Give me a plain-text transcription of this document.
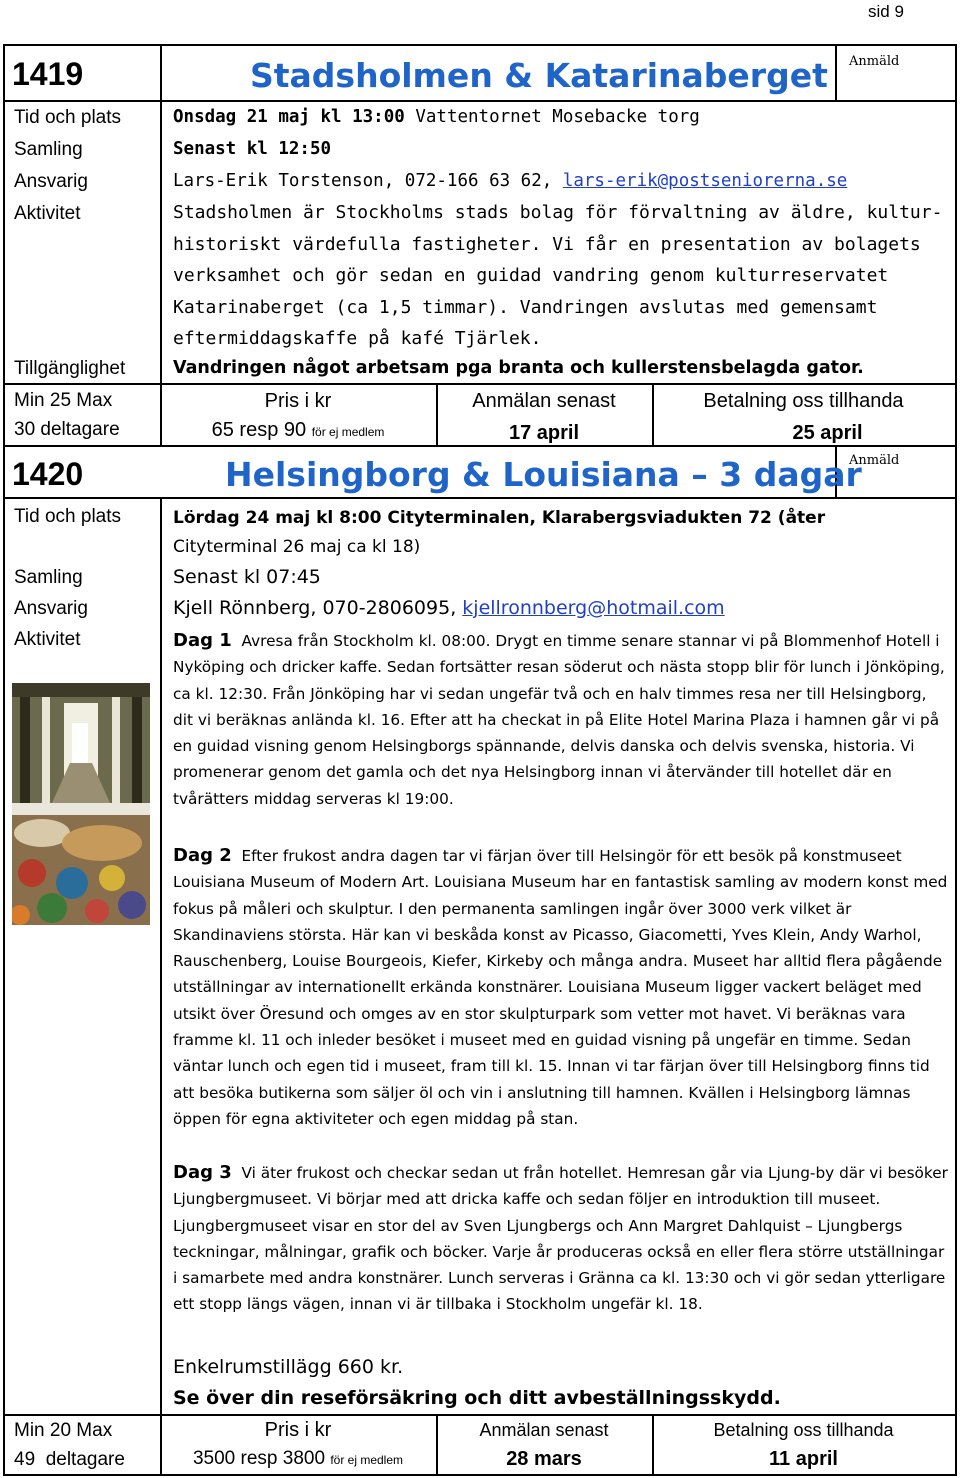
sid 9
1419	Stadsholmen & Katarinaberget Anmäld
Tid och plats
Samling
Ansvarig
Aktivitet
Tillgänglighet
Onsdag 21 maj kl 13:00 Vattentornet Mosebacke torg
Senast kl 12:50
Lars-Erik Torstenson, 072-166 63 62, lars-erik@postseniorerna.se
Stadsholmen är Stockholms stads bolag för förvaltning av äldre, kultur-
historiskt värdefulla fastigheter. Vi får en presentation av bolagets
verksamhet och gör sedan en guidad vandring genom kulturreservatet
Katarinaberget (ca 1,5 timmar). Vandringen avslutas med gemensamt
eftermiddagskaffe på kafé Tjärlek.
Vandringen något arbetsam pga branta och kullerstensbelagda gator.
Min 25 Max
30 deltagare
Pris i kr
65 resp 90 för ej medlem
Anmälan senast
17 april
Betalning oss tillhanda
25 april
1420	Helsingborg & Louisiana – 3 dagar
Anmäld
Tid och plats
Samling
Ansvarig
Aktivitet
Lördag 24 maj kl 8:00 Cityterminalen, Klarabergsviadukten 72 (åter
Cityterminal 26 maj ca kl 18)
Senast kl 07:45
Kjell Rönnberg, 070-2806095, kjellronnberg@hotmail.com
Dag 1 Avresa från Stockholm kl. 08:00. Drygt en timme senare stannar vi på Blommenhof Hotell i Nyköping och dricker kaffe. Sedan fortsätter resan söderut och nästa stopp blir för lunch i Jönköping, ca kl. 12:30. Från Jönköping har vi sedan ungefär två och en halv timmes resa ner till Helsingborg, dit vi beräknas anlända kl. 16. Efter att ha checkat in på Elite Hotel Marina Plaza i hamnen går vi på en guidad visning genom Helsingborgs spännande, delvis danska och delvis svenska, historia. Vi promenerar genom det gamla och det nya Helsingborg innan vi återvänder till hotellet där en tvårätters middag serveras kl 19:00.
Dag 2 Efter frukost andra dagen tar vi färjan över till Helsingör för ett besök på konstmuseet Louisiana Museum of Modern Art. Louisiana Museum har en fantastisk samling av modern konst med fokus på måleri och skulptur. I den permanenta samlingen ingår över 3000 verk vilket är Skandinaviens största. Här kan vi beskåda konst av Picasso, Giacometti, Yves Klein, Andy Warhol, Rauschenberg, Louise Bourgeois, Kiefer, Kirkeby och många andra. Museet har alltid flera pågående utställningar av internationellt erkända konstnärer. Louisiana Museum ligger vackert beläget med utsikt över Öresund och omges av en stor skulpturpark som vetter mot havet. Vi beräknas vara framme kl. 11 och inleder besöket i museet med en guidad visning på ungefär en timme. Sedan väntar lunch och egen tid i museet, fram till kl. 15. Innan vi tar färjan över till Helsingborg finns tid att besöka butikerna som säljer öl och vin i anslutning till hamnen. Kvällen i Helsingborg lämnas öppen för egna aktiviteter och egen middag på stan.
Dag 3 Vi äter frukost och checkar sedan ut från hotellet. Hemresan går via Ljung-by där vi besöker Ljungbergmuseet. Vi börjar med att dricka kaffe och sedan följer en introduktion till museet. Ljungbergmuseet visar en stor del av Sven Ljungbergs och Ann Margret Dahlquist – Ljungbergs teckningar, målningar, grafik och böcker. Varje år produceras också en eller flera större utställningar i samarbete med andra konstnärer. Lunch serveras i Gränna ca kl. 13:30 och vi gör sedan ytterligare ett stopp längs vägen, innan vi är tillbaka i Stockholm ungefär kl. 18.
Enkelrumstillägg 660 kr.
Se över din reseförsäkring och ditt avbeställningsskydd.
Min 20 Max
49  deltagare
Pris i kr
3500 resp 3800 för ej medlem
Anmälan senast
28 mars
Betalning oss tillhanda
11 april
